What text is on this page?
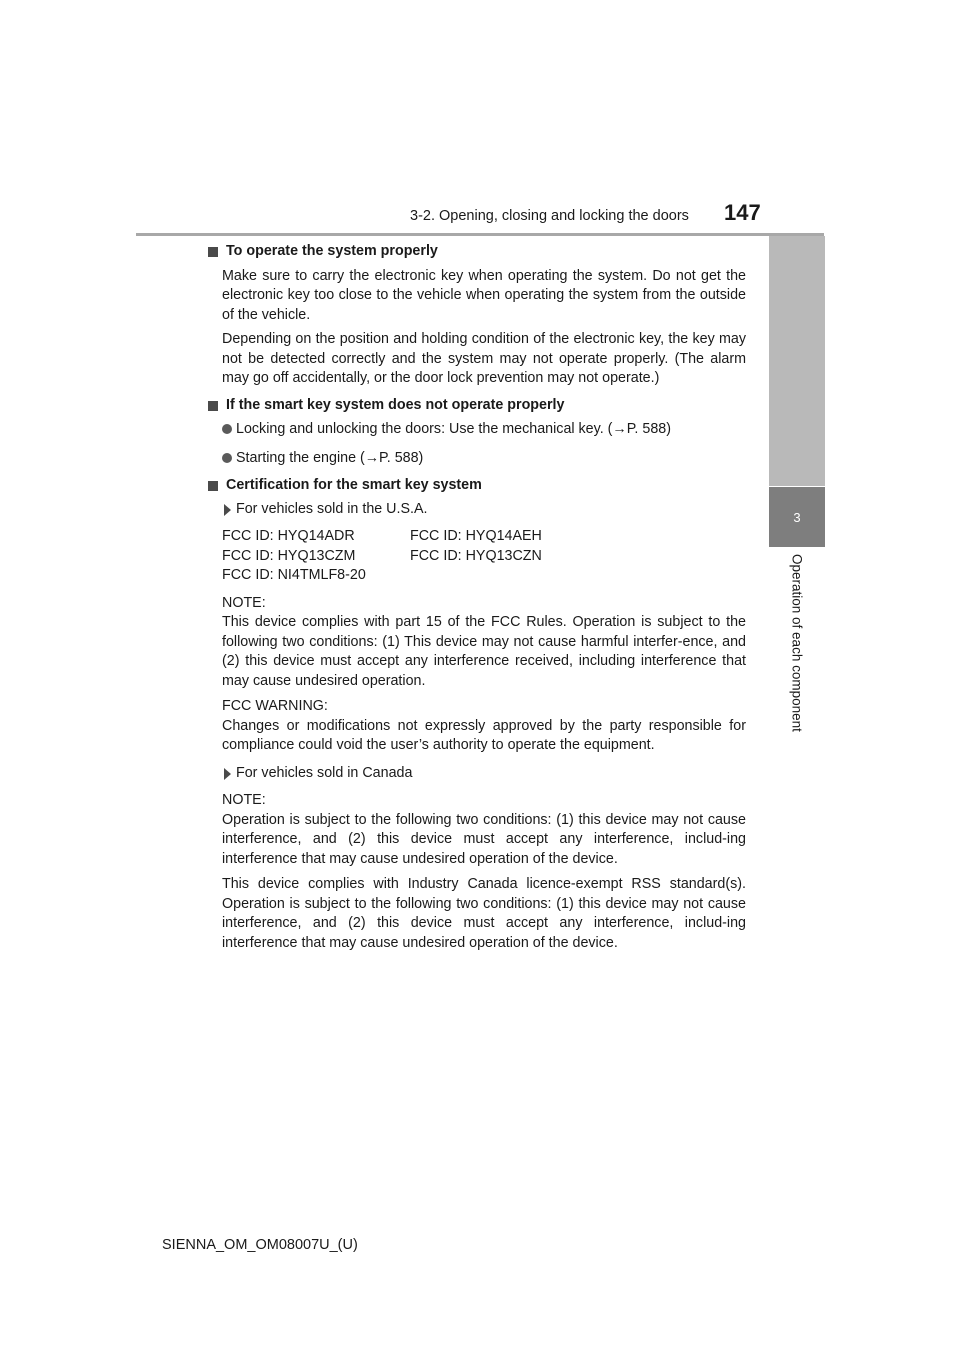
3-2. Opening, closing and locking the doors 147
3
Operation of each component

To operate the system properly

Make sure to carry the electronic key when operating the system. Do not get the electronic key too close to the vehicle when operating the system from the outside of the vehicle.

Depending on the position and holding condition of the electronic key, the key may not be detected correctly and the system may not operate properly. (The alarm may go off accidentally, or the door lock prevention may not operate.)

If the smart key system does not operate properly

Locking and unlocking the doors: Use the mechanical key. (→P. 588)

Starting the engine (→P. 588)

Certification for the smart key system

For vehicles sold in the U.S.A.

FCC ID: HYQ14ADR	FCC ID: HYQ14AEH
FCC ID: HYQ13CZM	FCC ID: HYQ13CZN
FCC ID: NI4TMLF8-20

NOTE:
This device complies with part 15 of the FCC Rules. Operation is subject to the following two conditions: (1) This device may not cause harmful interfer-ence, and (2) this device must accept any interference received, including interference that may cause undesired operation.

FCC WARNING:
Changes or modifications not expressly approved by the party responsible for compliance could void the user’s authority to operate the equipment.

For vehicles sold in Canada

NOTE:
Operation is subject to the following two conditions: (1) this device may not cause interference, and (2) this device must accept any interference, includ-ing interference that may cause undesired operation of the device.

This device complies with Industry Canada licence-exempt RSS standard(s). Operation is subject to the following two conditions: (1) this device may not cause interference, and (2) this device must accept any interference, includ-ing interference that may cause undesired operation of the device.

SIENNA_OM_OM08007U_(U)
